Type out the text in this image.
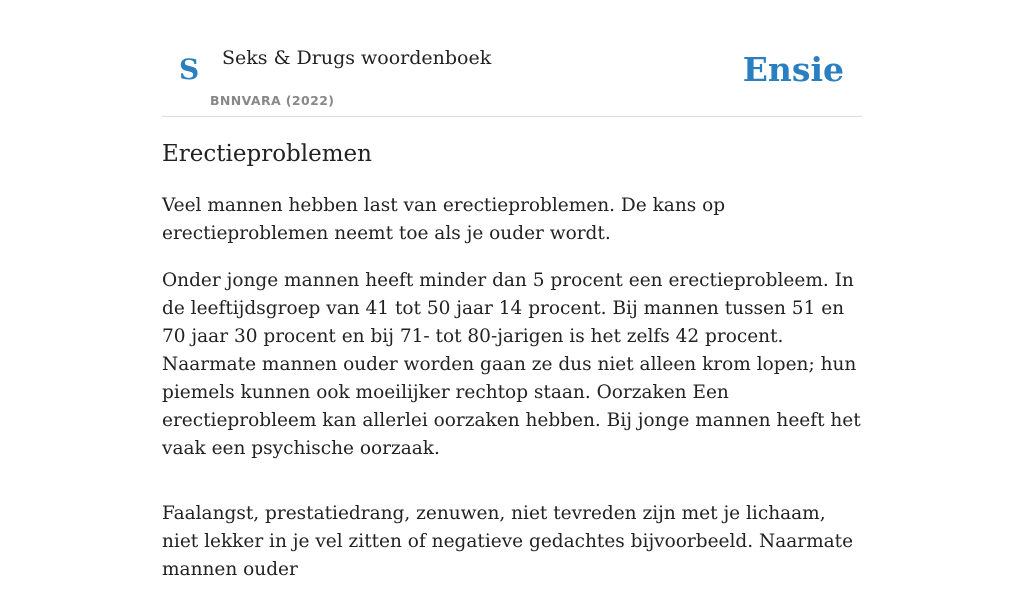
S Seks & Drugs woordenboek
BNNVARA (2022)
Ensie
Erectieproblemen

Veel mannen hebben last van erectieproblemen. De kans op erectieproblemen neemt toe als je ouder wordt.

Onder jonge mannen heeft minder dan 5 procent een erectieprobleem. In de leeftijdsgroep van 41 tot 50 jaar 14 procent. Bij mannen tussen 51 en 70 jaar 30 procent en bij 71- tot 80-jarigen is het zelfs 42 procent. Naarmate mannen ouder worden gaan ze dus niet alleen krom lopen; hun piemels kunnen ook moeilijker rechtop staan. Oorzaken Een erectieprobleem kan allerlei oorzaken hebben. Bij jonge mannen heeft het vaak een psychische oorzaak.

Faalangst, prestatiedrang, zenuwen, niet tevreden zijn met je lichaam, niet lekker in je vel zitten of negatieve gedachtes bijvoorbeeld. Naarmate mannen ouder
